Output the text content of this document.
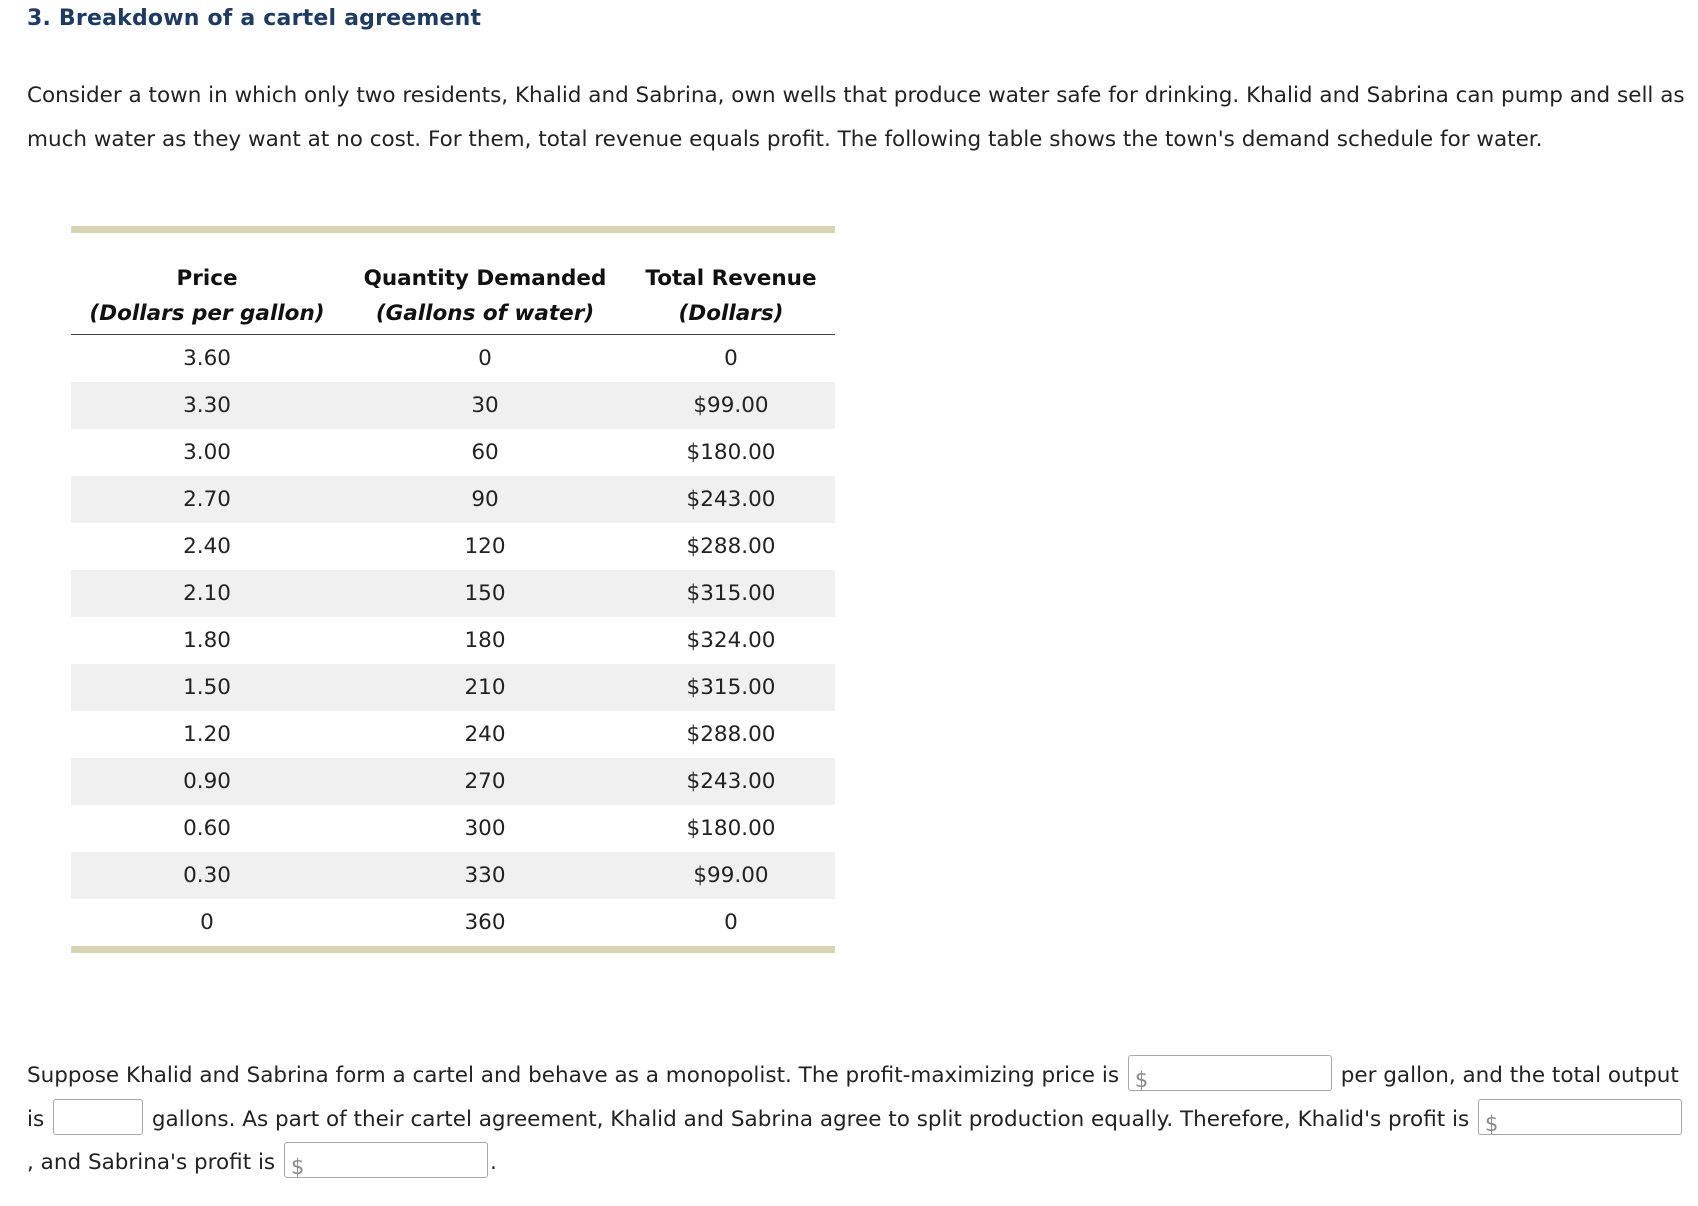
3. Breakdown of a cartel agreement

Consider a town in which only two residents, Khalid and Sabrina, own wells that produce water safe for drinking. Khalid and Sabrina can pump and sell as much water as they want at no cost. For them, total revenue equals profit. The following table shows the town's demand schedule for water.

Price	Quantity Demanded	Total Revenue
(Dollars per gallon)	(Gallons of water)	(Dollars)
3.60	0	0
3.30	30	$99.00
3.00	60	$180.00
2.70	90	$243.00
2.40	120	$288.00
2.10	150	$315.00
1.80	180	$324.00
1.50	210	$315.00
1.20	240	$288.00
0.90	270	$243.00
0.60	300	$180.00
0.30	330	$99.00
0	360	0

Suppose Khalid and Sabrina form a cartel and behave as a monopolist. The profit-maximizing price is $	per gallon, and the total output is	gallons. As part of their cartel agreement, Khalid and Sabrina agree to split production equally. Therefore, Khalid's profit is $
, and Sabrina's profit is $	.
